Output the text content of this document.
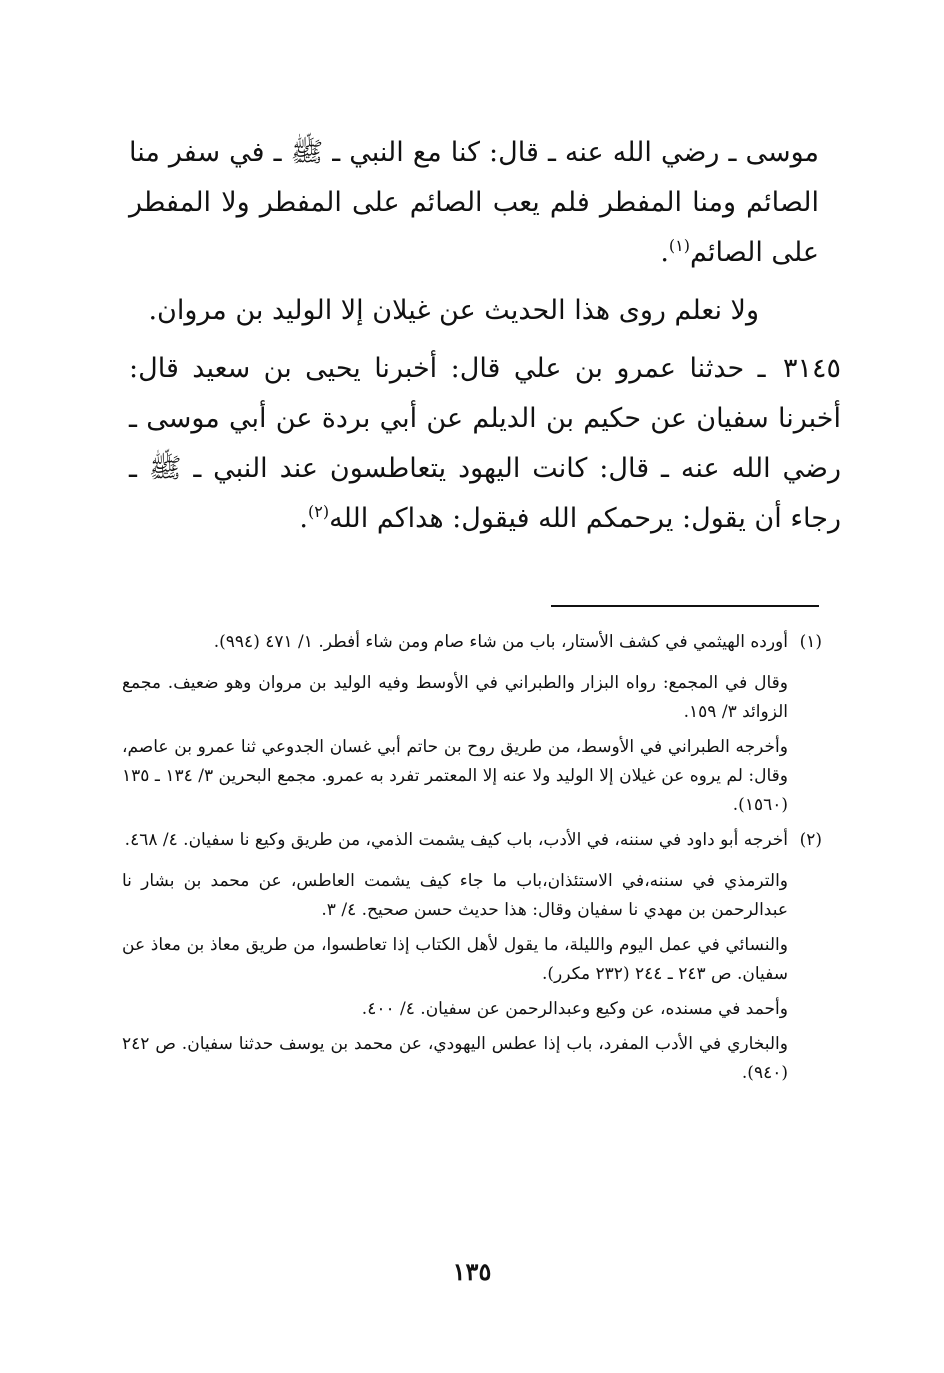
موسى ـ رضي الله عنه ـ قال: كنا مع النبي ـ ﷺ ـ في سفر منا الصائم ومنا المفطر فلم يعب الصائم على المفطر ولا المفطر على الصائم$^{(١)}$.

ولا نعلم روى هذا الحديث عن غيلان إلا الوليد بن مروان.

٣١٤٥ ـ حدثنا عمرو بن علي قال: أخبرنا يحيى بن سعيد قال: أخبرنا سفيان عن حكيم بن الديلم عن أبي بردة عن أبي موسى ـ رضي الله عنه ـ قال: كانت اليهود يتعاطسون عند النبي ـ ﷺ ـ رجاء أن يقول: يرحمكم الله فيقول: هداكم الله$^{(٢)}$.

(١)

أورده الهيثمي في كشف الأستار، باب من شاء صام ومن شاء أفطر. ١/ ٤٧١ (٩٩٤).

وقال في المجمع: رواه البزار والطبراني في الأوسط وفيه الوليد بن مروان وهو ضعيف. مجمع الزوائد ٣/ ١٥٩.

وأخرجه الطبراني في الأوسط، من طريق روح بن حاتم أبي غسان الجدوعي ثنا عمرو بن عاصم، وقال: لم يروه عن غيلان إلا الوليد ولا عنه إلا المعتمر تفرد به عمرو. مجمع البحرين ٣/ ١٣٤ ـ ١٣٥ (١٥٦٠).

(٢)

أخرجه أبو داود في سننه، في الأدب، باب كيف يشمت الذمي، من طريق وكيع نا سفيان. ٤/ ٤٦٨.

والترمذي في سننه،في الاستئذان،باب ما جاء كيف يشمت العاطس، عن محمد بن بشار نا عبدالرحمن بن مهدي نا سفيان وقال: هذا حديث حسن صحيح. ٤/ ٣.

والنسائي في عمل اليوم والليلة، ما يقول لأهل الكتاب إذا تعاطسوا، من طريق معاذ بن معاذ عن سفيان. ص ٢٤٣ ـ ٢٤٤ (٢٣٢ مكرر).

وأحمد في مسنده، عن وكيع وعبدالرحمن عن سفيان. ٤/ ٤٠٠.

والبخاري في الأدب المفرد، باب إذا عطس اليهودي، عن محمد بن يوسف حدثنا سفيان. ص ٢٤٢ (٩٤٠).

١٣٥
